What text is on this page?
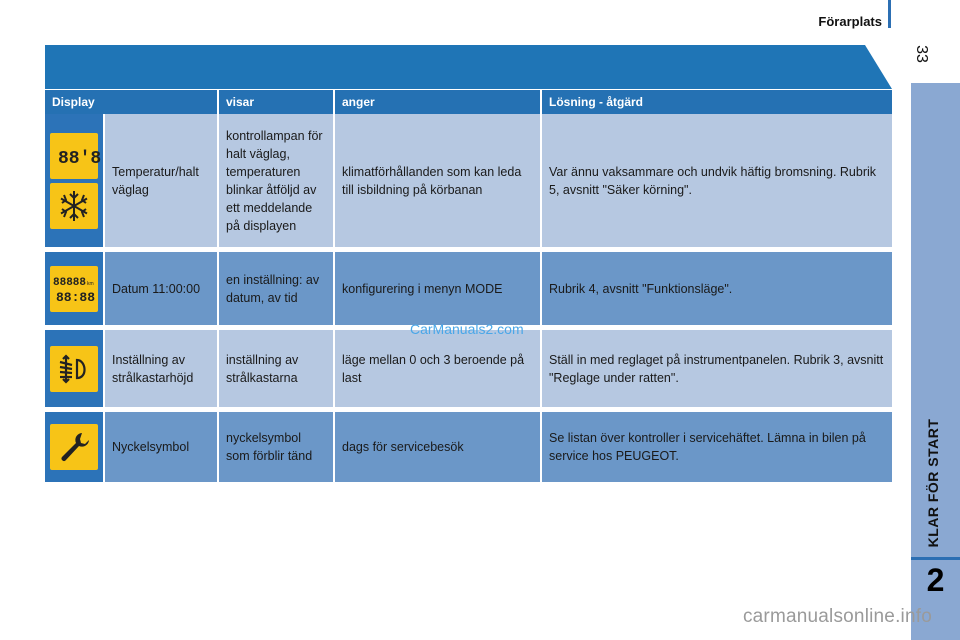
Förarplats
33
KLAR FÖR START
2
Display		visar	anger	Lösning - åtgärd

88'8	Temperatur/halt väglag	kontrollampan för halt väglag, temperaturen blinkar åtföljd av ett meddelande på displayen	klimatförhållanden som kan leda till isbildning på körbanan	Var ännu vaksammare och undvik häftig bromsning. Rubrik 5, avsnitt "Säker körning".

88888 km
88:88	Datum 11:00:00	en inställning: av datum, av tid	konfigurering i menyn MODE	Rubrik 4, avsnitt "Funktionsläge".

	Inställning av strålkastarhöjd	inställning av strålkastarna	läge mellan 0 och 3 beroende på last	Ställ in med reglaget på instrumentpanelen. Rubrik 3, avsnitt "Reglage under ratten".

	Nyckelsymbol	nyckelsymbol som förblir tänd	dags för servicebesök	Se listan över kontroller i servicehäftet. Lämna in bilen på service hos PEUGEOT.
CarManuals2.com
carmanualsonline.info
